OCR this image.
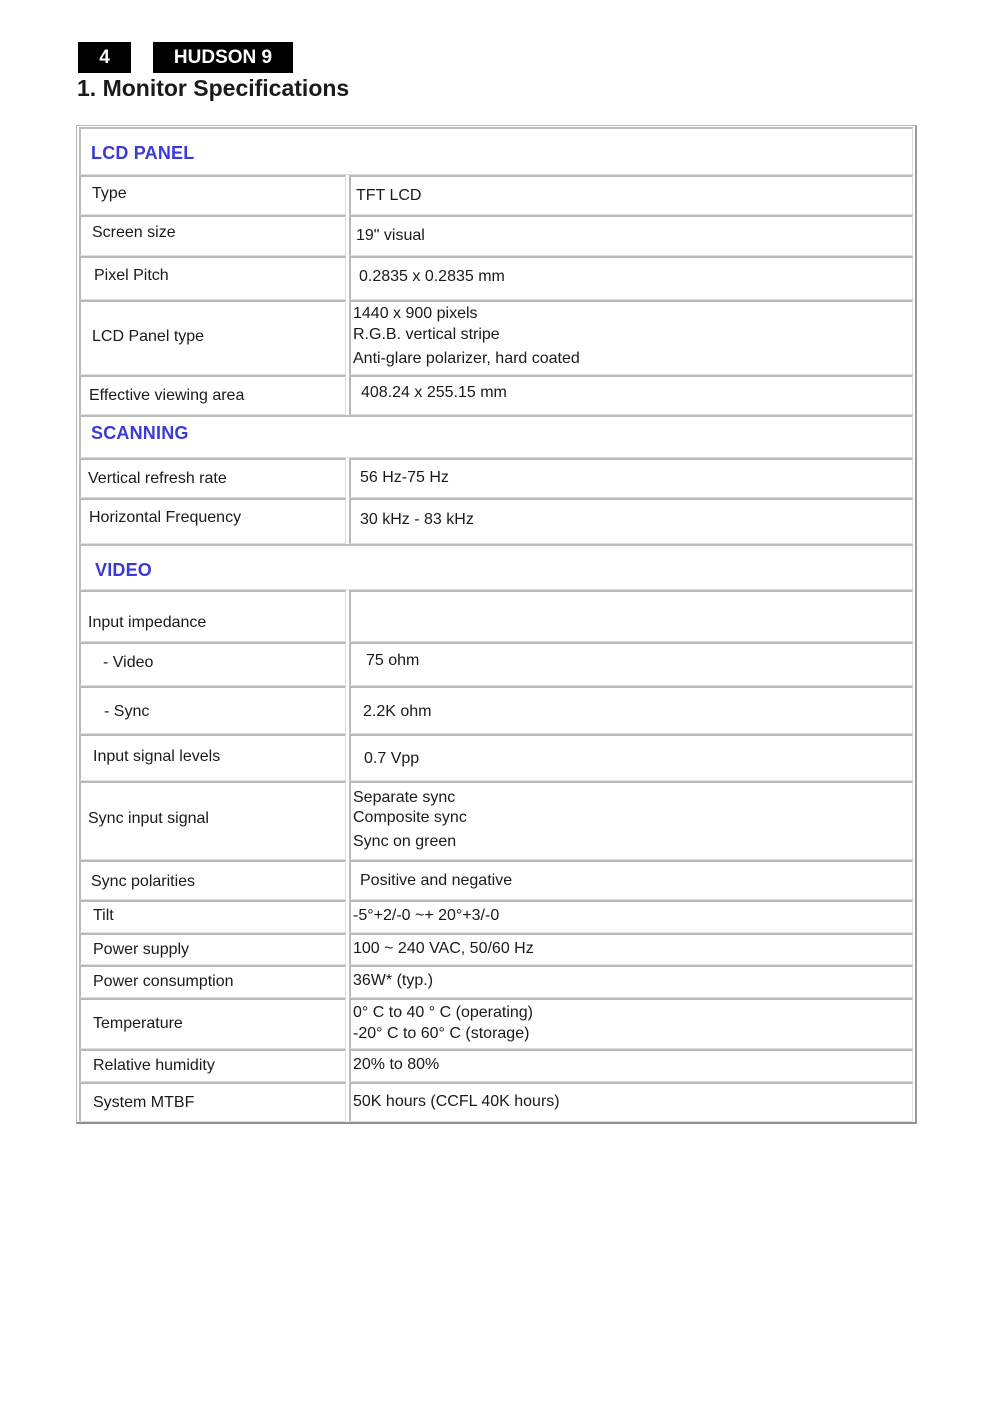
4	HUDSON 9
1. Monitor Specifications
LCD PANEL
Type	TFT LCD
Screen size	19" visual
Pixel Pitch	0.2835 x 0.2835 mm
LCD Panel type
1440 x 900 pixels
R.G.B. vertical stripe
Anti-glare polarizer, hard coated
Effective viewing area	408.24 x 255.15 mm
SCANNING
Vertical refresh rate	56 Hz-75 Hz
Horizontal Frequency	30 kHz - 83 kHz
VIDEO
Input impedance
- Video	75 ohm
- Sync	2.2K ohm
Input signal levels	0.7 Vpp
Sync input signal
Separate sync
Composite sync
Sync on green
Sync polarities	Positive and negative
Tilt	-5°+2/-0 ~+ 20°+3/-0
Power supply	100 ~ 240 VAC, 50/60 Hz
Power consumption	36W* (typ.)
Temperature
0° C to 40 ° C (operating)
-20° C to 60° C (storage)
Relative humidity	20% to 80%
System MTBF	50K hours (CCFL 40K hours)
